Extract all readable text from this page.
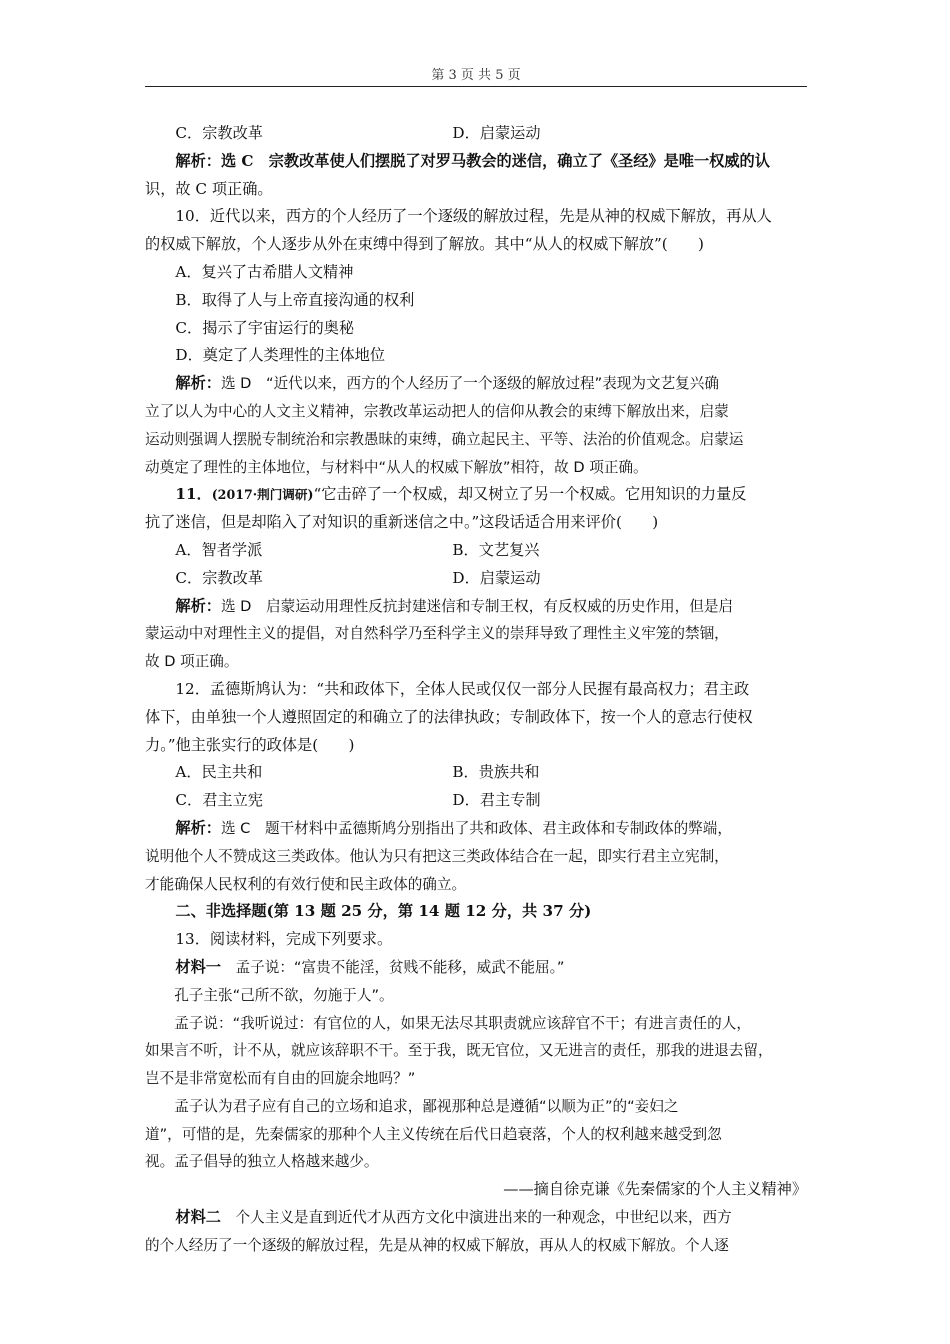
第 3 页 共 5 页
C．宗教改革	D．启蒙运动
解析：选 C　宗教改革使人们摆脱了对罗马教会的迷信，确立了《圣经》是唯一权威的认
识，故 C 项正确。
10．近代以来，西方的个人经历了一个逐级的解放过程，先是从神的权威下解放，再从人
的权威下解放，个人逐步从外在束缚中得到了解放。其中“从人的权威下解放”(　　)
A．复兴了古希腊人文精神
B．取得了人与上帝直接沟通的权利
C．揭示了宇宙运行的奥秘
D．奠定了人类理性的主体地位
解析：选 D　“近代以来，西方的个人经历了一个逐级的解放过程”表现为文艺复兴确
立了以人为中心的人文主义精神，宗教改革运动把人的信仰从教会的束缚下解放出来，启蒙
运动则强调人摆脱专制统治和宗教愚昧的束缚，确立起民主、平等、法治的价值观念。启蒙运
动奠定了理性的主体地位，与材料中“从人的权威下解放”相符，故 D 项正确。
11．(2017·荆门调研)“它击碎了一个权威，却又树立了另一个权威。它用知识的力量反
抗了迷信，但是却陷入了对知识的重新迷信之中。”这段话适合用来评价(　　)
A．智者学派	B．文艺复兴
C．宗教改革	D．启蒙运动
解析：选 D　启蒙运动用理性反抗封建迷信和专制王权，有反权威的历史作用，但是启
蒙运动中对理性主义的提倡，对自然科学乃至科学主义的崇拜导致了理性主义牢笼的禁锢，
故 D 项正确。
12．孟德斯鸠认为：“共和政体下，全体人民或仅仅一部分人民握有最高权力；君主政
体下，由单独一个人遵照固定的和确立了的法律执政；专制政体下，按一个人的意志行使权
力。”他主张实行的政体是(　　)
A．民主共和	B．贵族共和
C．君主立宪	D．君主专制
解析：选 C　题干材料中孟德斯鸠分别指出了共和政体、君主政体和专制政体的弊端，
说明他个人不赞成这三类政体。他认为只有把这三类政体结合在一起，即实行君主立宪制，
才能确保人民权利的有效行使和民主政体的确立。
二、非选择题(第 13 题 25 分，第 14 题 12 分，共 37 分)
13．阅读材料，完成下列要求。
材料一　孟子说：“富贵不能淫，贫贱不能移，威武不能屈。”
孔子主张“己所不欲，勿施于人”。
孟子说：“我听说过：有官位的人，如果无法尽其职责就应该辞官不干；有进言责任的人，
如果言不听，计不从，就应该辞职不干。至于我，既无官位，又无进言的责任，那我的进退去留，
岂不是非常宽松而有自由的回旋余地吗？”
孟子认为君子应有自己的立场和追求，鄙视那种总是遵循“以顺为正”的“妾妇之
道”，可惜的是，先秦儒家的那种个人主义传统在后代日趋衰落，个人的权利越来越受到忽
视。孟子倡导的独立人格越来越少。
——摘自徐克谦《先秦儒家的个人主义精神》
材料二　个人主义是直到近代才从西方文化中演进出来的一种观念，中世纪以来，西方
的个人经历了一个逐级的解放过程，先是从神的权威下解放，再从人的权威下解放。个人逐
